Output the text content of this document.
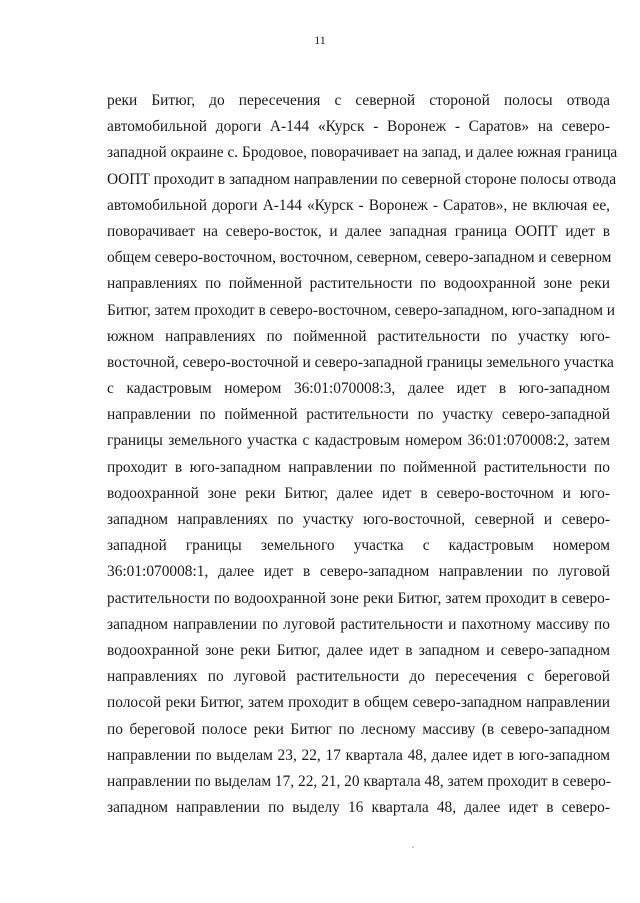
11
реки Битюг, до пересечения с северной стороной полосы отвода
автомобильной дороги А-144 «Курск - Воронеж - Саратов» на северо-
западной окраине с. Бродовое, поворачивает на запад, и далее южная граница
ООПТ проходит в западном направлении по северной стороне полосы отвода
автомобильной дороги А-144 «Курск - Воронеж - Саратов», не включая ее,
поворачивает на северо-восток, и далее западная граница ООПТ идет в
общем северо-восточном, восточном, северном, северо-западном и северном
направлениях по пойменной растительности по водоохранной зоне реки
Битюг, затем проходит в северо-восточном, северо-западном, юго-западном и
южном направлениях по пойменной растительности по участку юго-
восточной, северо-восточной и северо-западной границы земельного участка
с кадастровым номером 36:01:070008:3, далее идет в юго-западном
направлении по пойменной растительности по участку северо-западной
границы земельного участка с кадастровым номером 36:01:070008:2, затем
проходит в юго-западном направлении по пойменной растительности по
водоохранной зоне реки Битюг, далее идет в северо-восточном и юго-
западном направлениях по участку юго-восточной, северной и северо-
западной границы земельного участка с кадастровым номером
36:01:070008:1, далее идет в северо-западном направлении по луговой
растительности по водоохранной зоне реки Битюг, затем проходит в северо-
западном направлении по луговой растительности и пахотному массиву по
водоохранной зоне реки Битюг, далее идет в западном и северо-западном
направлениях по луговой растительности до пересечения с береговой
полосой реки Битюг, затем проходит в общем северо-западном направлении
по береговой полосе реки Битюг по лесному массиву (в северо-западном
направлении по выделам 23, 22, 17 квартала 48, далее идет в юго-западном
направлении по выделам 17, 22, 21, 20 квартала 48, затем проходит в северо-
западном направлении по выделу 16 квартала 48, далее идет в северо-
